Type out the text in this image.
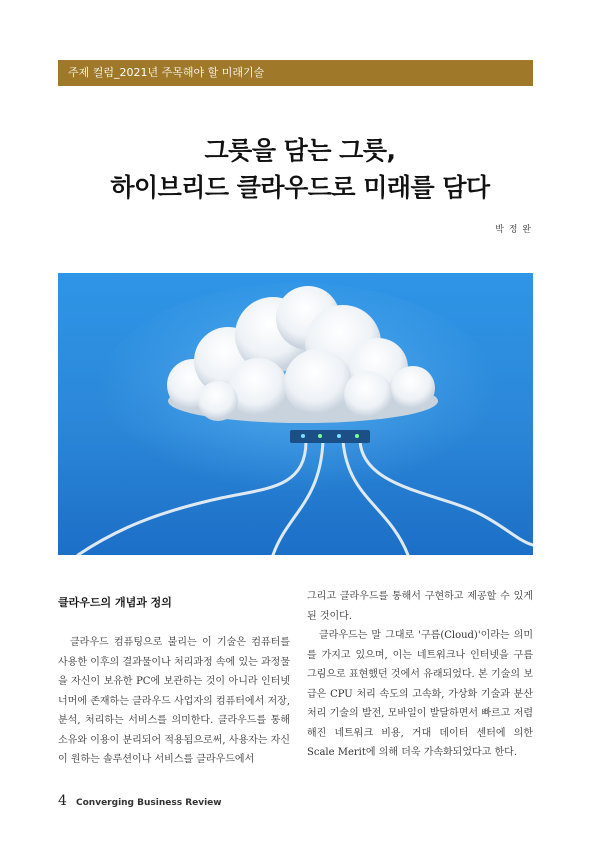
주제 컬럼_2021년 주목해야 할 미래기술
그릇을 담는 그릇,
하이브리드 클라우드로 미래를 담다
박 정 완
클라우드의 개념과 정의

클라우드 컴퓨팅으로 불리는 이 기술은 컴퓨터를 사용한 이후의 결과물이나 처리과정 속에 있는 과정물을 자신이 보유한 PC에 보관하는 것이 아니라 인터넷 너머에 존재하는 클라우드 사업자의 컴퓨터에서 저장, 분석, 처리하는 서비스를 의미한다. 클라우드를 통해 소유와 이용이 분리되어 적용됨으로써, 사용자는 자신이 원하는 솔루션이나 서비스를 클라우드에서

그리고 클라우드를 통해서 구현하고 제공할 수 있게 된 것이다.

클라우드는 말 그대로 '구름(Cloud)'이라는 의미를 가지고 있으며, 이는 네트워크나 인터넷을 구름 그림으로 표현했던 것에서 유래되었다. 본 기술의 보급은 CPU 처리 속도의 고속화, 가상화 기술과 분산처리 기술의 발전, 모바일이 발달하면서 빠르고 저렴해진 네트워크 비용, 거대 데이터 센터에 의한 Scale Merit에 의해 더욱 가속화되었다고 한다.

4 Converging Business Review
